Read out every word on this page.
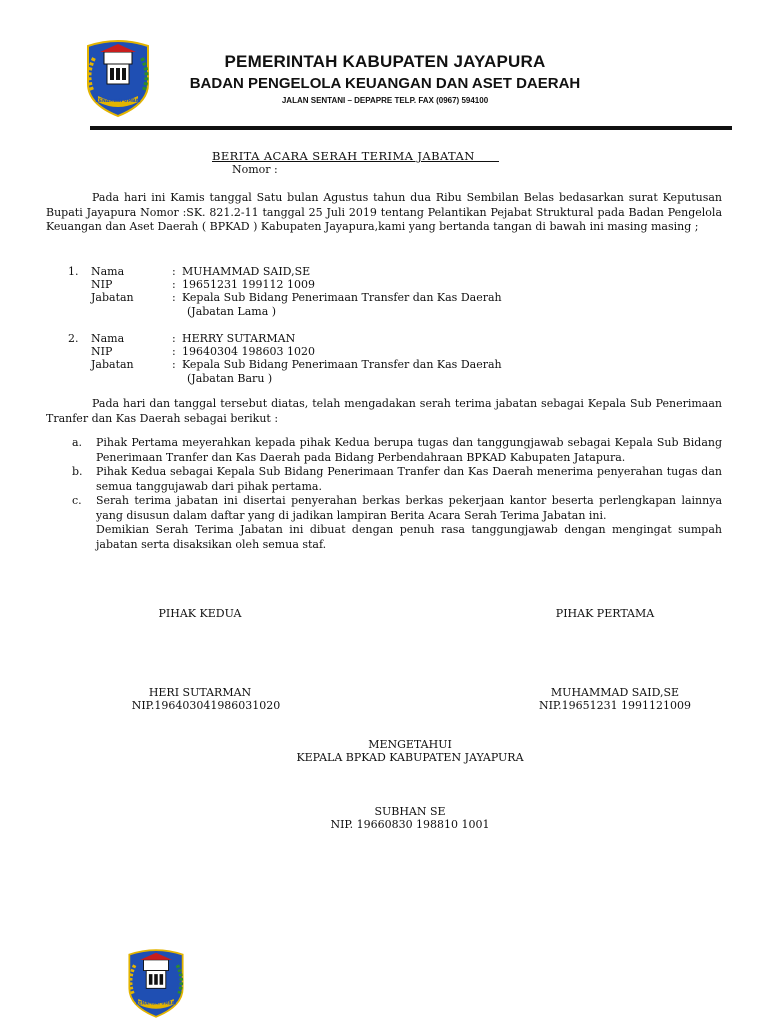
KENAMBAI UMBAI
PEMERINTAH KABUPATEN JAYAPURA
BADAN PENGELOLA KEUANGAN DAN ASET DAERAH
JALAN SENTANI – DEPAPRE TELP. FAX (0967) 594100
BERITA ACARA SERAH TERIMA JABATAN
Nomor :
Pada hari ini Kamis tanggal Satu bulan Agustus tahun dua Ribu Sembilan Belas bedasarkan surat Keputusan Bupati Jayapura Nomor :SK. 821.2-11 tanggal 25 Juli 2019 tentang Pelantikan Pejabat Struktural pada Badan Pengelola Keuangan dan Aset Daerah ( BPKAD ) Kabupaten Jayapura,kami yang bertanda tangan di bawah ini masing masing ;
1. Nama	: MUHAMMAD SAID,SE
NIP	: 19651231 199112 1009
Jabatan	: Kepala Sub Bidang Penerimaan Transfer dan Kas Daerah
(Jabatan Lama )
2. Nama	: HERRY SUTARMAN
NIP	: 19640304 198603 1020
Jabatan	: Kepala Sub Bidang Penerimaan Transfer dan Kas Daerah
(Jabatan Baru )
Pada hari dan tanggal tersebut diatas, telah mengadakan serah terima jabatan sebagai Kepala Sub Penerimaan Tranfer dan Kas Daerah sebagai berikut :
a. Pihak Pertama meyerahkan kepada pihak Kedua berupa tugas dan tanggungjawab sebagai Kepala Sub Bidang Penerimaan Tranfer dan Kas Daerah pada Bidang Perbendahraan BPKAD Kabupaten Jatapura.
b. Pihak Kedua sebagai Kepala Sub Bidang Penerimaan Tranfer dan Kas Daerah menerima penyerahan tugas dan semua tanggujawab dari pihak pertama.
c. Serah terima jabatan ini disertai penyerahan berkas berkas pekerjaan kantor beserta perlengkapan lainnya yang disusun dalam daftar yang di jadikan lampiran Berita Acara Serah Terima Jabatan ini.
Demikian Serah Terima Jabatan ini dibuat dengan penuh rasa tanggungjawab dengan mengingat sumpah jabatan serta disaksikan oleh semua staf.
PIHAK KEDUA	PIHAK PERTAMA
HERI SUTARMAN
NIP.196403041986031020
MUHAMMAD SAID,SE
NIP.19651231 1991121009
MENGETAHUI
KEPALA BPKAD KABUPATEN JAYAPURA
SUBHAN SE
NIP. 19660830 198810 1001
KENAMBAI UMBAI
